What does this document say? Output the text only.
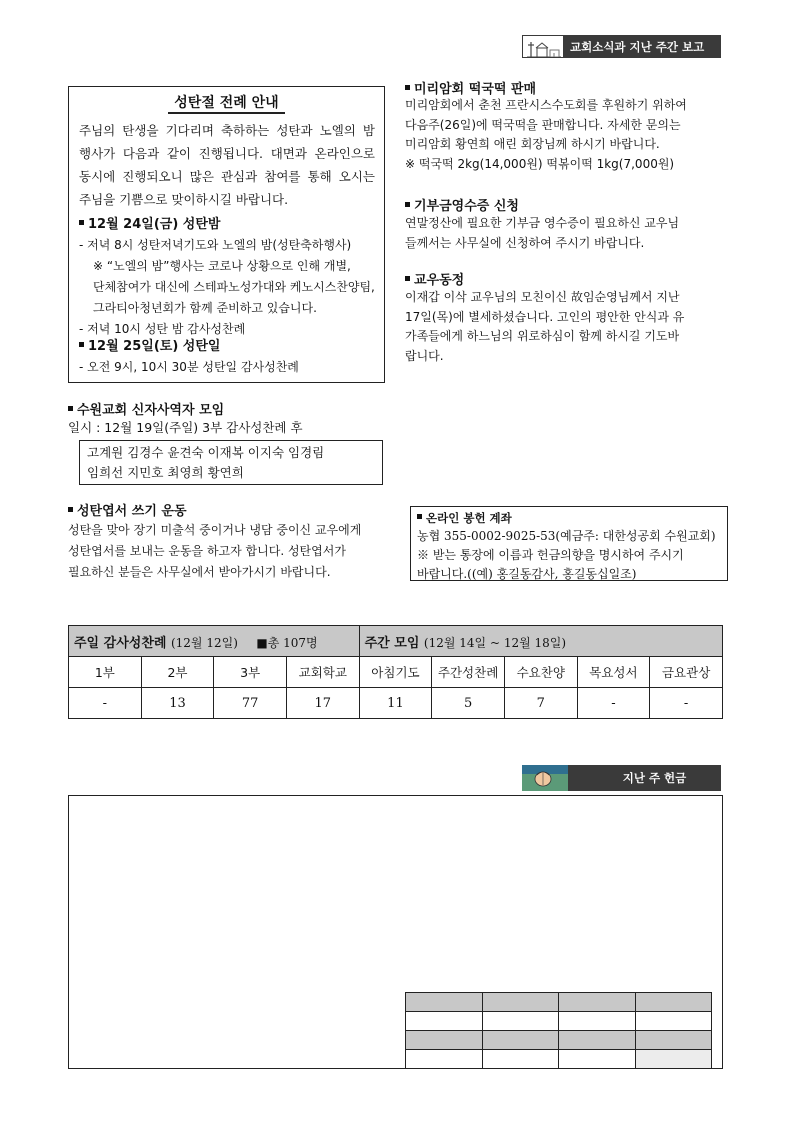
교회소식과 지난 주간 보고
성탄절 전례 안내
주님의 탄생을 기다리며 축하하는 성탄과 노엘의 밤
행사가 다음과 같이 진행됩니다. 대면과 온라인으로
동시에 진행되오니 많은 관심과 참여를 통해 오시는
주님을 기쁨으로 맞이하시길 바랍니다.
12월 24일(금) 성탄밤
- 저녁 8시 성탄저녁기도와 노엘의 밤(성탄축하행사)
※ “노엘의 밤”행사는 코로나 상황으로 인해 개별,
단체참여가 대신에 스테파노성가대와 케노시스찬양팀,
그라티아청년회가 함께 준비하고 있습니다.
- 저녁 10시 성탄 밤 감사성찬례
12월 25일(토) 성탄일
- 오전 9시, 10시 30분 성탄일 감사성찬례
수원교회 신자사역자 모임
일시 : 12월 19일(주일) 3부 감사성찬례 후
고계원 김경수 윤견숙 이재복 이지숙 임경림
임희선 지민호 최영희 황연희
성탄엽서 쓰기 운동
성탄을 맞아 장기 미출석 중이거나 냉담 중이신 교우에게
성탄엽서를 보내는 운동을 하고자 합니다. 성탄엽서가
필요하신 분들은 사무실에서 받아가시기 바랍니다.
미리암회 떡국떡 판매
미리암회에서 춘천 프란시스수도회를 후원하기 위하여
다음주(26일)에 떡국떡을 판매합니다. 자세한 문의는
미리암회 황연희 애린 회장님께 하시기 바랍니다.
※ 떡국떡 2kg(14,000원) 떡볶이떡 1kg(7,000원)
기부금영수증 신청
연말정산에 필요한 기부금 영수증이 필요하신 교우님
들께서는 사무실에 신청하여 주시기 바랍니다.
교우동정
이재갑 이삭 교우님의 모친이신 故임순영님께서 지난
17일(목)에 별세하셨습니다. 고인의 평안한 안식과 유
가족들에게 하느님의 위로하심이 함께 하시길 기도바
랍니다.
온라인 봉헌 계좌
농협 355-0002-9025-53(예금주: 대한성공회 수원교회)
※ 받는 통장에 이름과 헌금의향을 명시하여 주시기
바랍니다.((예) 홍길동감사, 홍길동십일조)
주일 감사성찬례 (12월 12일) ■총 107명				주간 모임 (12월 14일 ~ 12월 18일)				
1부	2부	3부	교회학교	아침기도	주간성찬례	수요찬양	목요성서	금요관상
-	13	77	17	11	5	7	-	-
지난 주 헌금
